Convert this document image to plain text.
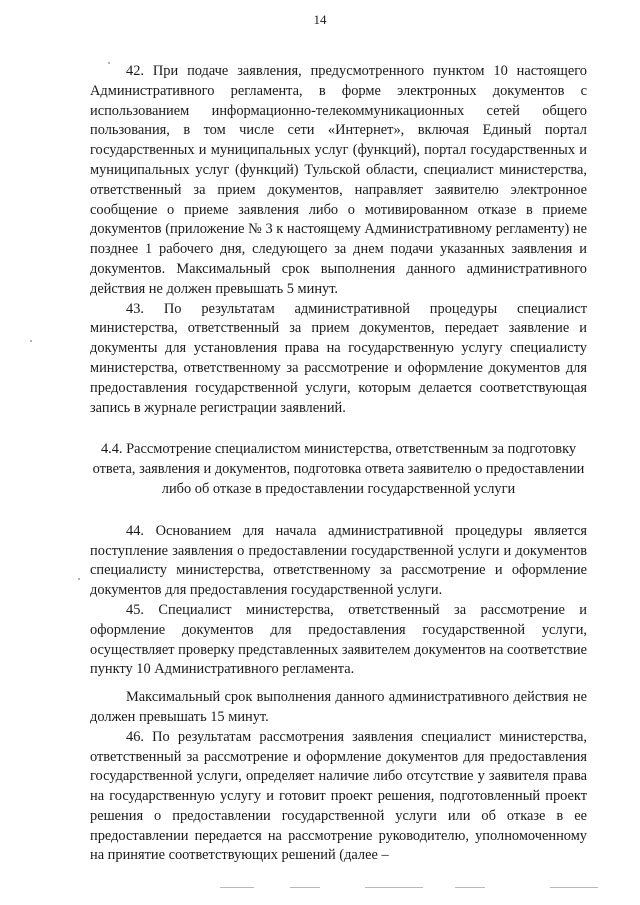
14

42. При подаче заявления, предусмотренного пунктом 10 настоящего Административного регламента, в форме электронных документов с использованием информационно-телекоммуникационных сетей общего пользования, в том числе сети «Интернет», включая Единый портал государственных и муниципальных услуг (функций), портал государственных и муниципальных услуг (функций) Тульской области, специалист министерства, ответственный за прием документов, направляет заявителю электронное сообщение о приеме заявления либо о мотивированном отказе в приеме документов (приложение № 3 к настоящему Административному регламенту) не позднее 1 рабочего дня, следующего за днем подачи указанных заявления и документов. Максимальный срок выполнения данного административного действия не должен превышать 5 минут.

43. По результатам административной процедуры специалист министерства, ответственный за прием документов, передает заявление и документы для установления права на государственную услугу специалисту министерства, ответственному за рассмотрение и оформление документов для предоставления государственной услуги, которым делается соответствующая запись в журнале регистрации заявлений.

4.4. Рассмотрение специалистом министерства, ответственным за подготовку ответа, заявления и документов, подготовка ответа заявителю о предоставлении либо об отказе в предоставлении государственной услуги

44. Основанием для начала административной процедуры является поступление заявления о предоставлении государственной услуги и документов специалисту министерства, ответственному за рассмотрение и оформление документов для предоставления государственной услуги.

45. Специалист министерства, ответственный за рассмотрение и оформление документов для предоставления государственной услуги, осуществляет проверку представленных заявителем документов на соответствие пункту 10 Административного регламента.

Максимальный срок выполнения данного административного действия не должен превышать 15 минут.

46. По результатам рассмотрения заявления специалист министерства, ответственный за рассмотрение и оформление документов для предоставления государственной услуги, определяет наличие либо отсутствие у заявителя права на государственную услугу и готовит проект решения, подготовленный проект решения о предоставлении государственной услуги или об отказе в ее предоставлении передается на рассмотрение руководителю, уполномоченному на принятие соответствующих решений (далее –
